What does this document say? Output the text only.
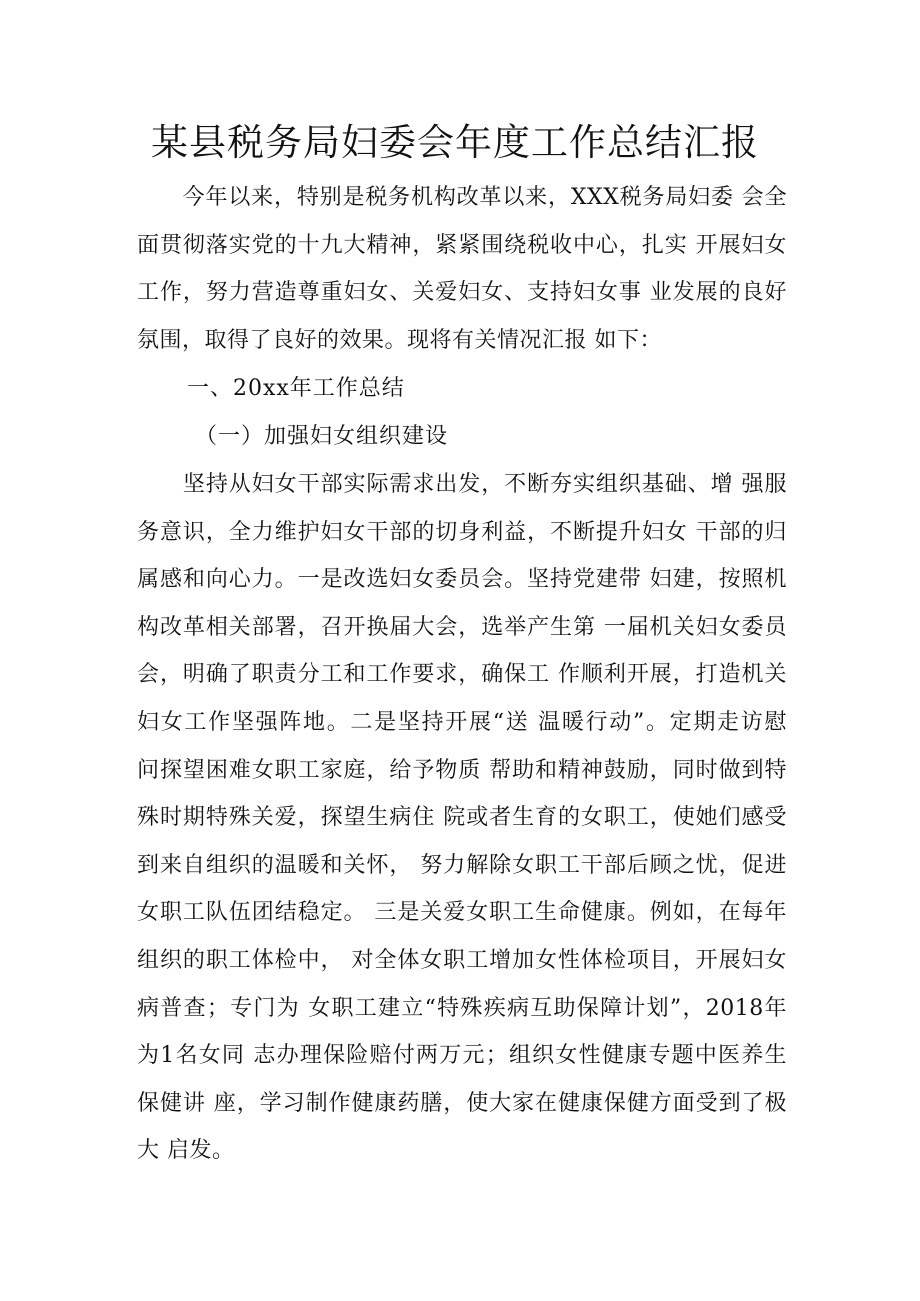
某县税务局妇委会年度工作总结汇报
　　今年以来，特别是税务机构改革以来，XXX税务局妇委 会全
面贯彻落实党的十九大精神，紧紧围绕税收中心，扎实 开展妇女
工作，努力营造尊重妇女、关爱妇女、支持妇女事 业发展的良好
氛围，取得了良好的效果。现将有关情况汇报 如下：
一、20xx年工作总结
（一）加强妇女组织建设
　　坚持从妇女干部实际需求出发，不断夯实组织基础、增 强服
务意识，全力维护妇女干部的切身利益，不断提升妇女 干部的归
属感和向心力。一是改选妇女委员会。坚持党建带 妇建，按照机
构改革相关部署，召开换届大会，选举产生第 一届机关妇女委员
会，明确了职责分工和工作要求，确保工 作顺利开展，打造机关
妇女工作坚强阵地。二是坚持开展“送 温暖行动”。定期走访慰
问探望困难女职工家庭，给予物质 帮助和精神鼓励，同时做到特
殊时期特殊关爱，探望生病住 院或者生育的女职工，使她们感受
到来自组织的温暖和关怀， 努力解除女职工干部后顾之忧，促进
女职工队伍团结稳定。 三是关爱女职工生命健康。例如，在每年
组织的职工体检中， 对全体女职工增加女性体检项目，开展妇女
病普查；专门为 女职工建立“特殊疾病互助保障计划”，2018年
为1名女同 志办理保险赔付两万元；组织女性健康专题中医养生
保健讲 座，学习制作健康药膳，使大家在健康保健方面受到了极
大 启发。
